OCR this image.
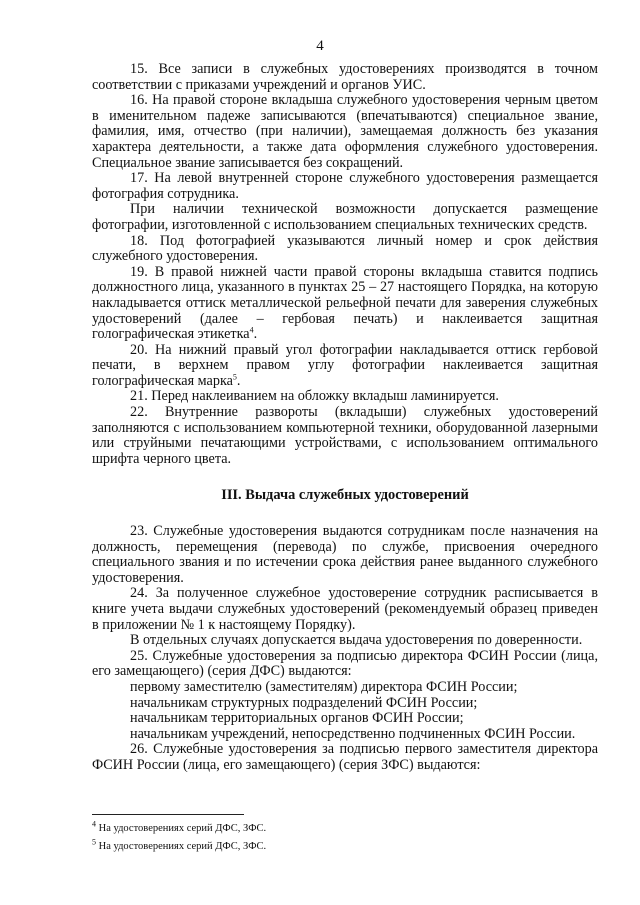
4

15. Все записи в служебных удостоверениях производятся в точном соответствии с приказами учреждений и органов УИС.

16. На правой стороне вкладыша служебного удостоверения черным цветом в именительном падеже записываются (впечатываются) специальное звание, фамилия, имя, отчество (при наличии), замещаемая должность без указания характера деятельности, а также дата оформления служебного удостоверения. Специальное звание записывается без сокращений.

17. На левой внутренней стороне служебного удостоверения размещается фотография сотрудника.

При наличии технической возможности допускается размещение фотографии, изготовленной с использованием специальных технических средств.

18. Под фотографией указываются личный номер и срок действия служебного удостоверения.

19. В правой нижней части правой стороны вкладыша ставится подпись должностного лица, указанного в пунктах 25 – 27 настоящего Порядка, на которую накладывается оттиск металлической рельефной печати для заверения служебных удостоверений (далее – гербовая печать) и наклеивается защитная голографическая этикетка$^4$.

20. На нижний правый угол фотографии накладывается оттиск гербовой печати, в верхнем правом углу фотографии наклеивается защитная голографическая марка$^5$.

21. Перед наклеиванием на обложку вкладыш ламинируется.

22. Внутренние развороты (вкладыши) служебных удостоверений заполняются с использованием компьютерной техники, оборудованной лазерными или струйными печатающими устройствами, с использованием оптимального шрифта черного цвета.

III. Выдача служебных удостоверений

23. Служебные удостоверения выдаются сотрудникам после назначения на должность, перемещения (перевода) по службе, присвоения очередного специального звания и по истечении срока действия ранее выданного служебного удостоверения.

24. За полученное служебное удостоверение сотрудник расписывается в книге учета выдачи служебных удостоверений (рекомендуемый образец приведен в приложении № 1 к настоящему Порядку).

В отдельных случаях допускается выдача удостоверения по доверенности.

25. Служебные удостоверения за подписью директора ФСИН России (лица, его замещающего) (серия ДФС) выдаются:

первому заместителю (заместителям) директора ФСИН России;

начальникам структурных подразделений ФСИН России;

начальникам территориальных органов ФСИН России;

начальникам учреждений, непосредственно подчиненных ФСИН России.

26. Служебные удостоверения за подписью первого заместителя директора ФСИН России (лица, его замещающего) (серия ЗФС) выдаются:

$^4$ На удостоверениях серий ДФС, ЗФС.

$^5$ На удостоверениях серий ДФС, ЗФС.
